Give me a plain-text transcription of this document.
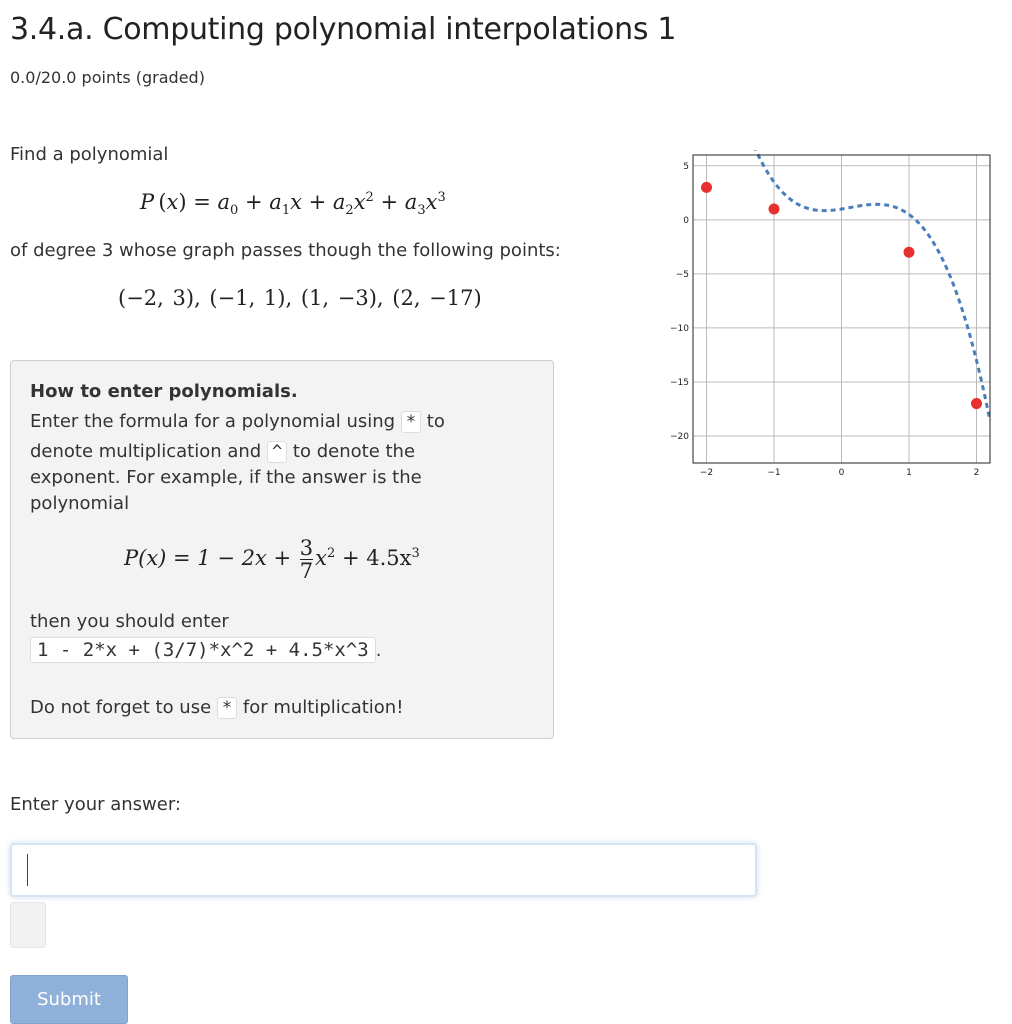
3.4.a. Computing polynomial interpolations 1
0.0/20.0 points (graded)
Find a polynomial
P $(x) = a_0 + a_1x + a_2x^2 + a_3x^3$
of degree 3 whose graph passes though the following points:
(−2, 3), (−1, 1), (1, −3), (2, −17)
How to enter polynomials.
Enter the formula for a polynomial using * to
denote multiplication and ^ to denote the
exponent. For example, if the answer is the
polynomial
$P(x) = 1 - 2x + \frac{3}{7} x^2 + 4.5x^3$
then you should enter
1 - 2*x + (3/7)*x^2 + 4.5*x^3 .
Do not forget to use * for multiplication!
−2	−1	0	1	2
5
0
−5
−10
−15
−20
Enter your answer:
Submit
